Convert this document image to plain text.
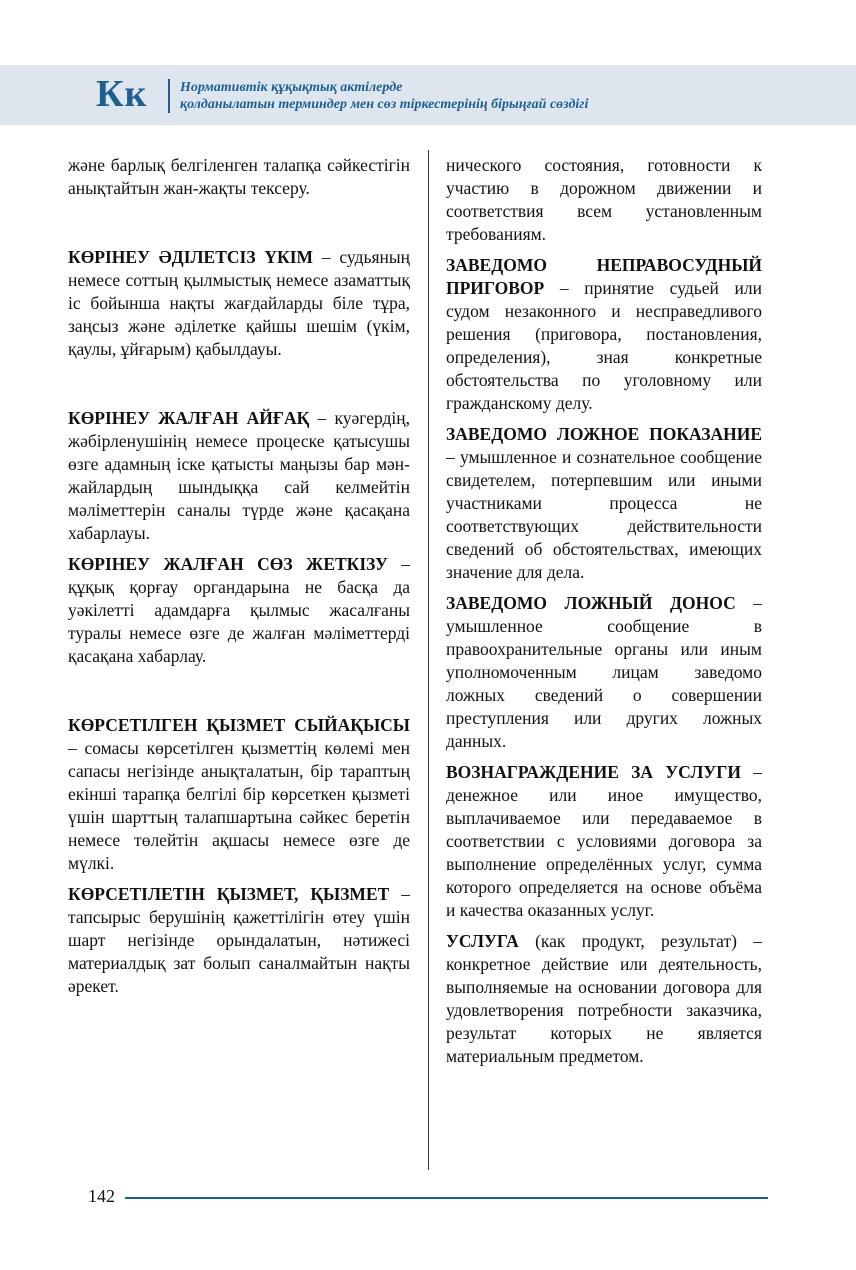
Кк Нормативтік құқықтық актілерде
қолданылатын терминдер мен сөз тіркестерінің бірыңғай сөздігі

және барлық белгіленген талапқа сәйкестігін анықтайтын жан-жақты тексеру.

КӨРІНЕУ ӘДІЛЕТСІЗ ҮКІМ – судьяның немесе соттың қылмыстық немесе азаматтық іс бойынша нақты жағдайларды біле тұра, заңсыз және әділетке қайшы шешім (үкім, қаулы, ұйғарым) қабылдауы.

КӨРІНЕУ ЖАЛҒАН АЙҒАҚ – куәгердің, жәбірленушінің немесе процеске қатысушы өзге адамның іске қатысты маңызы бар мән-жайлардың шындыққа сай келмейтін мәліметтерін саналы түрде және қасақана хабарлауы.

КӨРІНЕУ ЖАЛҒАН СӨЗ ЖЕТКІЗУ – құқық қорғау органдарына не басқа да уәкілетті адамдарға қылмыс жасалғаны туралы немесе өзге де жалған мәліметтерді қасақана хабарлау.

КӨРСЕТІЛГЕН ҚЫЗМЕТ СЫЙАҚЫСЫ – сомасы көрсетілген қызметтің көлемі мен сапасы негізінде анықталатын, бір тараптың екінші тарапқа белгілі бір көрсеткен қызметі үшін шарттың талапшартына сәйкес беретін немесе төлейтін ақшасы немесе өзге де мүлкі.

КӨРСЕТІЛЕТІН ҚЫЗМЕТ, ҚЫЗМЕТ – тапсырыс берушінің қажеттілігін өтеу үшін шарт негізінде орындалатын, нәтижесі материалдық зат болып саналмайтын нақты әрекет.

нического состояния, готовности к участию в дорожном движении и соответствия всем установленным требованиям.

ЗАВЕДОМО НЕПРАВОСУДНЫЙ ПРИГОВОР – принятие судьей или судом незаконного и несправедливого решения (приговора, постановления, определения), зная конкретные обстоятельства по уголовному или гражданскому делу.

ЗАВЕДОМО ЛОЖНОЕ ПОКАЗАНИЕ – умышленное и сознательное сообщение свидетелем, потерпевшим или иными участниками процесса не соответствующих действительности сведений об обстоятельствах, имеющих значение для дела.

ЗАВЕДОМО ЛОЖНЫЙ ДОНОС – умышленное сообщение в правоохранительные органы или иным уполномоченным лицам заведомо ложных сведений о совершении преступления или других ложных данных.

ВОЗНАГРАЖДЕНИЕ ЗА УСЛУГИ – денежное или иное имущество, выплачиваемое или передаваемое в соответствии с условиями договора за выполнение определённых услуг, сумма которого определяется на основе объёма и качества оказанных услуг.

УСЛУГА (как продукт, результат) – конкретное действие или деятельность, выполняемые на основании договора для удовлетворения потребности заказчика, результат которых не является материальным предметом.

142
